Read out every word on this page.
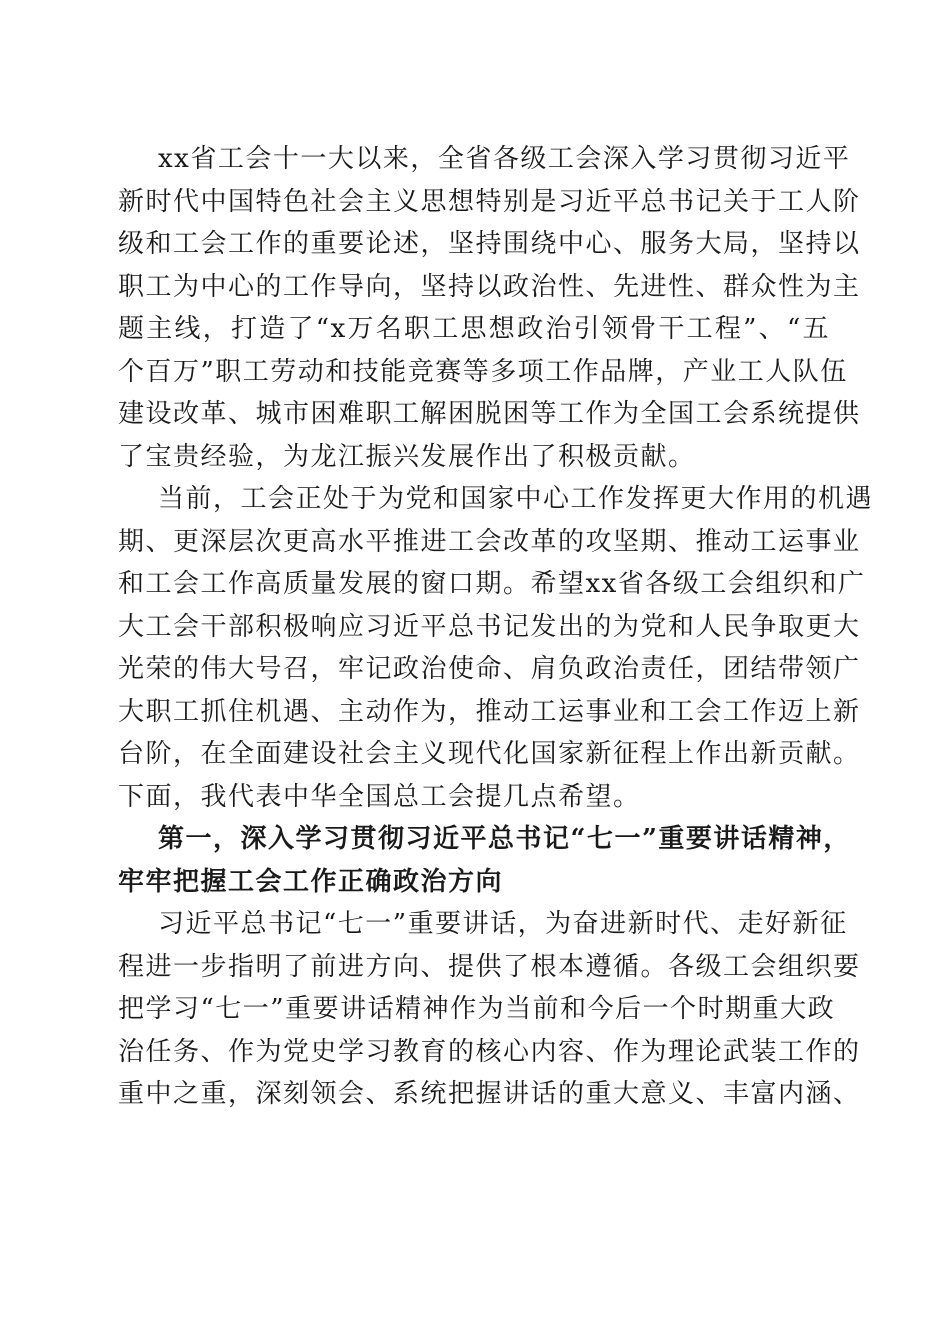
xx省工会十一大以来，全省各级工会深入学习贯彻习近平
新时代中国特色社会主义思想特别是习近平总书记关于工人阶
级和工会工作的重要论述，坚持围绕中心、服务大局，坚持以
职工为中心的工作导向，坚持以政治性、先进性、群众性为主
题主线，打造了“x万名职工思想政治引领骨干工程”、“五
个百万”职工劳动和技能竞赛等多项工作品牌，产业工人队伍
建设改革、城市困难职工解困脱困等工作为全国工会系统提供
了宝贵经验，为龙江振兴发展作出了积极贡献。
当前，工会正处于为党和国家中心工作发挥更大作用的机遇
期、更深层次更高水平推进工会改革的攻坚期、推动工运事业
和工会工作高质量发展的窗口期。希望xx省各级工会组织和广
大工会干部积极响应习近平总书记发出的为党和人民争取更大
光荣的伟大号召，牢记政治使命、肩负政治责任，团结带领广
大职工抓住机遇、主动作为，推动工运事业和工会工作迈上新
台阶，在全面建设社会主义现代化国家新征程上作出新贡献。
下面，我代表中华全国总工会提几点希望。
第一，深入学习贯彻习近平总书记“七一”重要讲话精神，
牢牢把握工会工作正确政治方向
习近平总书记“七一”重要讲话，为奋进新时代、走好新征
程进一步指明了前进方向、提供了根本遵循。各级工会组织要
把学习“七一”重要讲话精神作为当前和今后一个时期重大政
治任务、作为党史学习教育的核心内容、作为理论武装工作的
重中之重，深刻领会、系统把握讲话的重大意义、丰富内涵、
